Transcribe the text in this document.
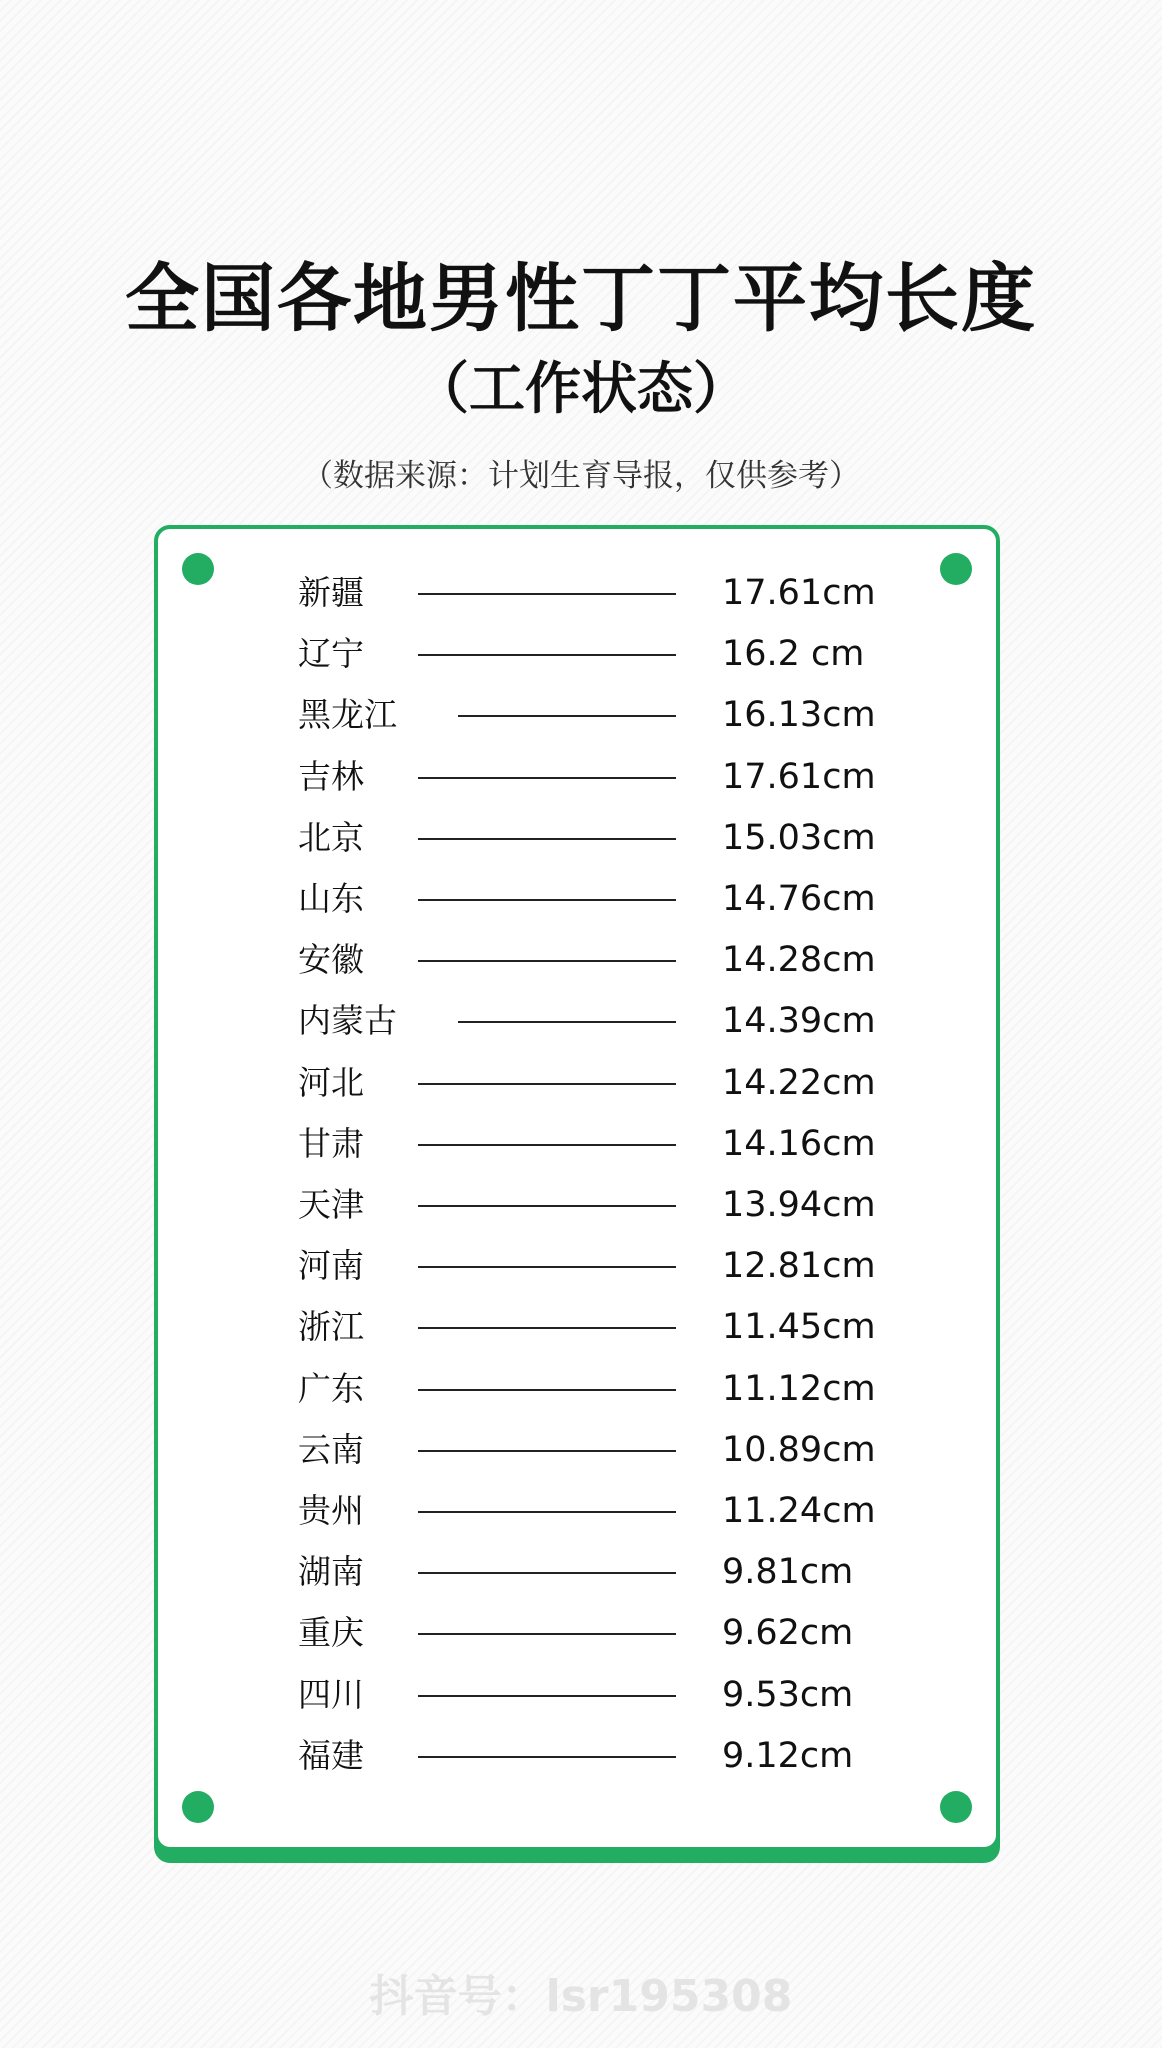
全国各地男性丁丁平均长度
（工作状态）

（数据来源：计划生育导报，仅供参考）

新疆	17.61cm
辽宁	16.2 cm
黑龙江	16.13cm
吉林	17.61cm
北京	15.03cm
山东	14.76cm
安徽	14.28cm
内蒙古	14.39cm
河北	14.22cm
甘肃	14.16cm
天津	13.94cm
河南	12.81cm
浙江	11.45cm
广东	11.12cm
云南	10.89cm
贵州	11.24cm
湖南	9.81cm
重庆	9.62cm
四川	9.53cm
福建	9.12cm

抖音号：lsr195308
